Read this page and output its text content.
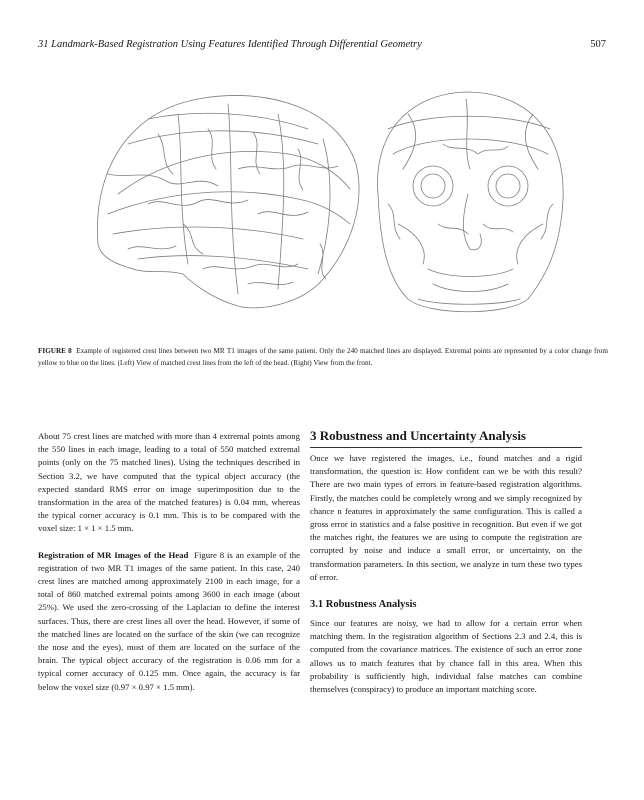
31 Landmark-Based Registration Using Features Identified Through Differential Geometry	507
FIGURE 8 Example of registered crest lines between two MR T1 images of the same patient. Only the 240 matched lines are displayed. Extremal points are represented by a color change from yellow to blue on the lines. (Left) View of matched crest lines from the left of the head. (Right) View from the front.

About 75 crest lines are matched with more than 4 extremal points among the 550 lines in each image, leading to a total of 550 matched extremal points (only on the 75 matched lines). Using the techniques described in Section 3.2, we have computed that the typical object accuracy (the expected standard RMS error on image superimposition due to the transformation in the area of the matched features) is 0.04 mm, whereas the typical corner accuracy is 0.1 mm. This is to be compared with the voxel size: 1 × 1 × 1.5 mm.

Registration of MR Images of the Head Figure 8 is an example of the registration of two MR T1 images of the same patient. In this case, 240 crest lines are matched among approximately 2100 in each image, for a total of 860 matched extremal points among 3600 in each image (about 25%). We used the zero-crossing of the Laplacian to define the interest surfaces. Thus, there are crest lines all over the head. However, if some of the matched lines are located on the surface of the skin (we can recognize the nose and the eyes), most of them are located on the surface of the brain. The typical object accuracy of the registration is 0.06 mm for a typical corner accuracy of 0.125 mm. Once again, the accuracy is far below the voxel size (0.97 × 0.97 × 1.5 mm).

3 Robustness and Uncertainty Analysis

Once we have registered the images, i.e., found matches and a rigid transformation, the question is: How confident can we be with this result? There are two main types of errors in feature-based registration algorithms. Firstly, the matches could be completely wrong and we simply recognized by chance n features in approximately the same configuration. This is called a gross error in statistics and a false positive in recognition. But even if we got the matches right, the features we are using to compute the registration are corrupted by noise and induce a small error, or uncertainty, on the transformation parameters. In this section, we analyze in turn these two types of error.

3.1 Robustness Analysis

Since our features are noisy, we had to allow for a certain error when matching them. In the registration algorithm of Sections 2.3 and 2.4, this is computed from the covariance matrices. The existence of such an error zone allows us to match features that by chance fall in this area. When this probability is sufficiently high, individual false matches can combine themselves (conspiracy) to produce an important matching score.
